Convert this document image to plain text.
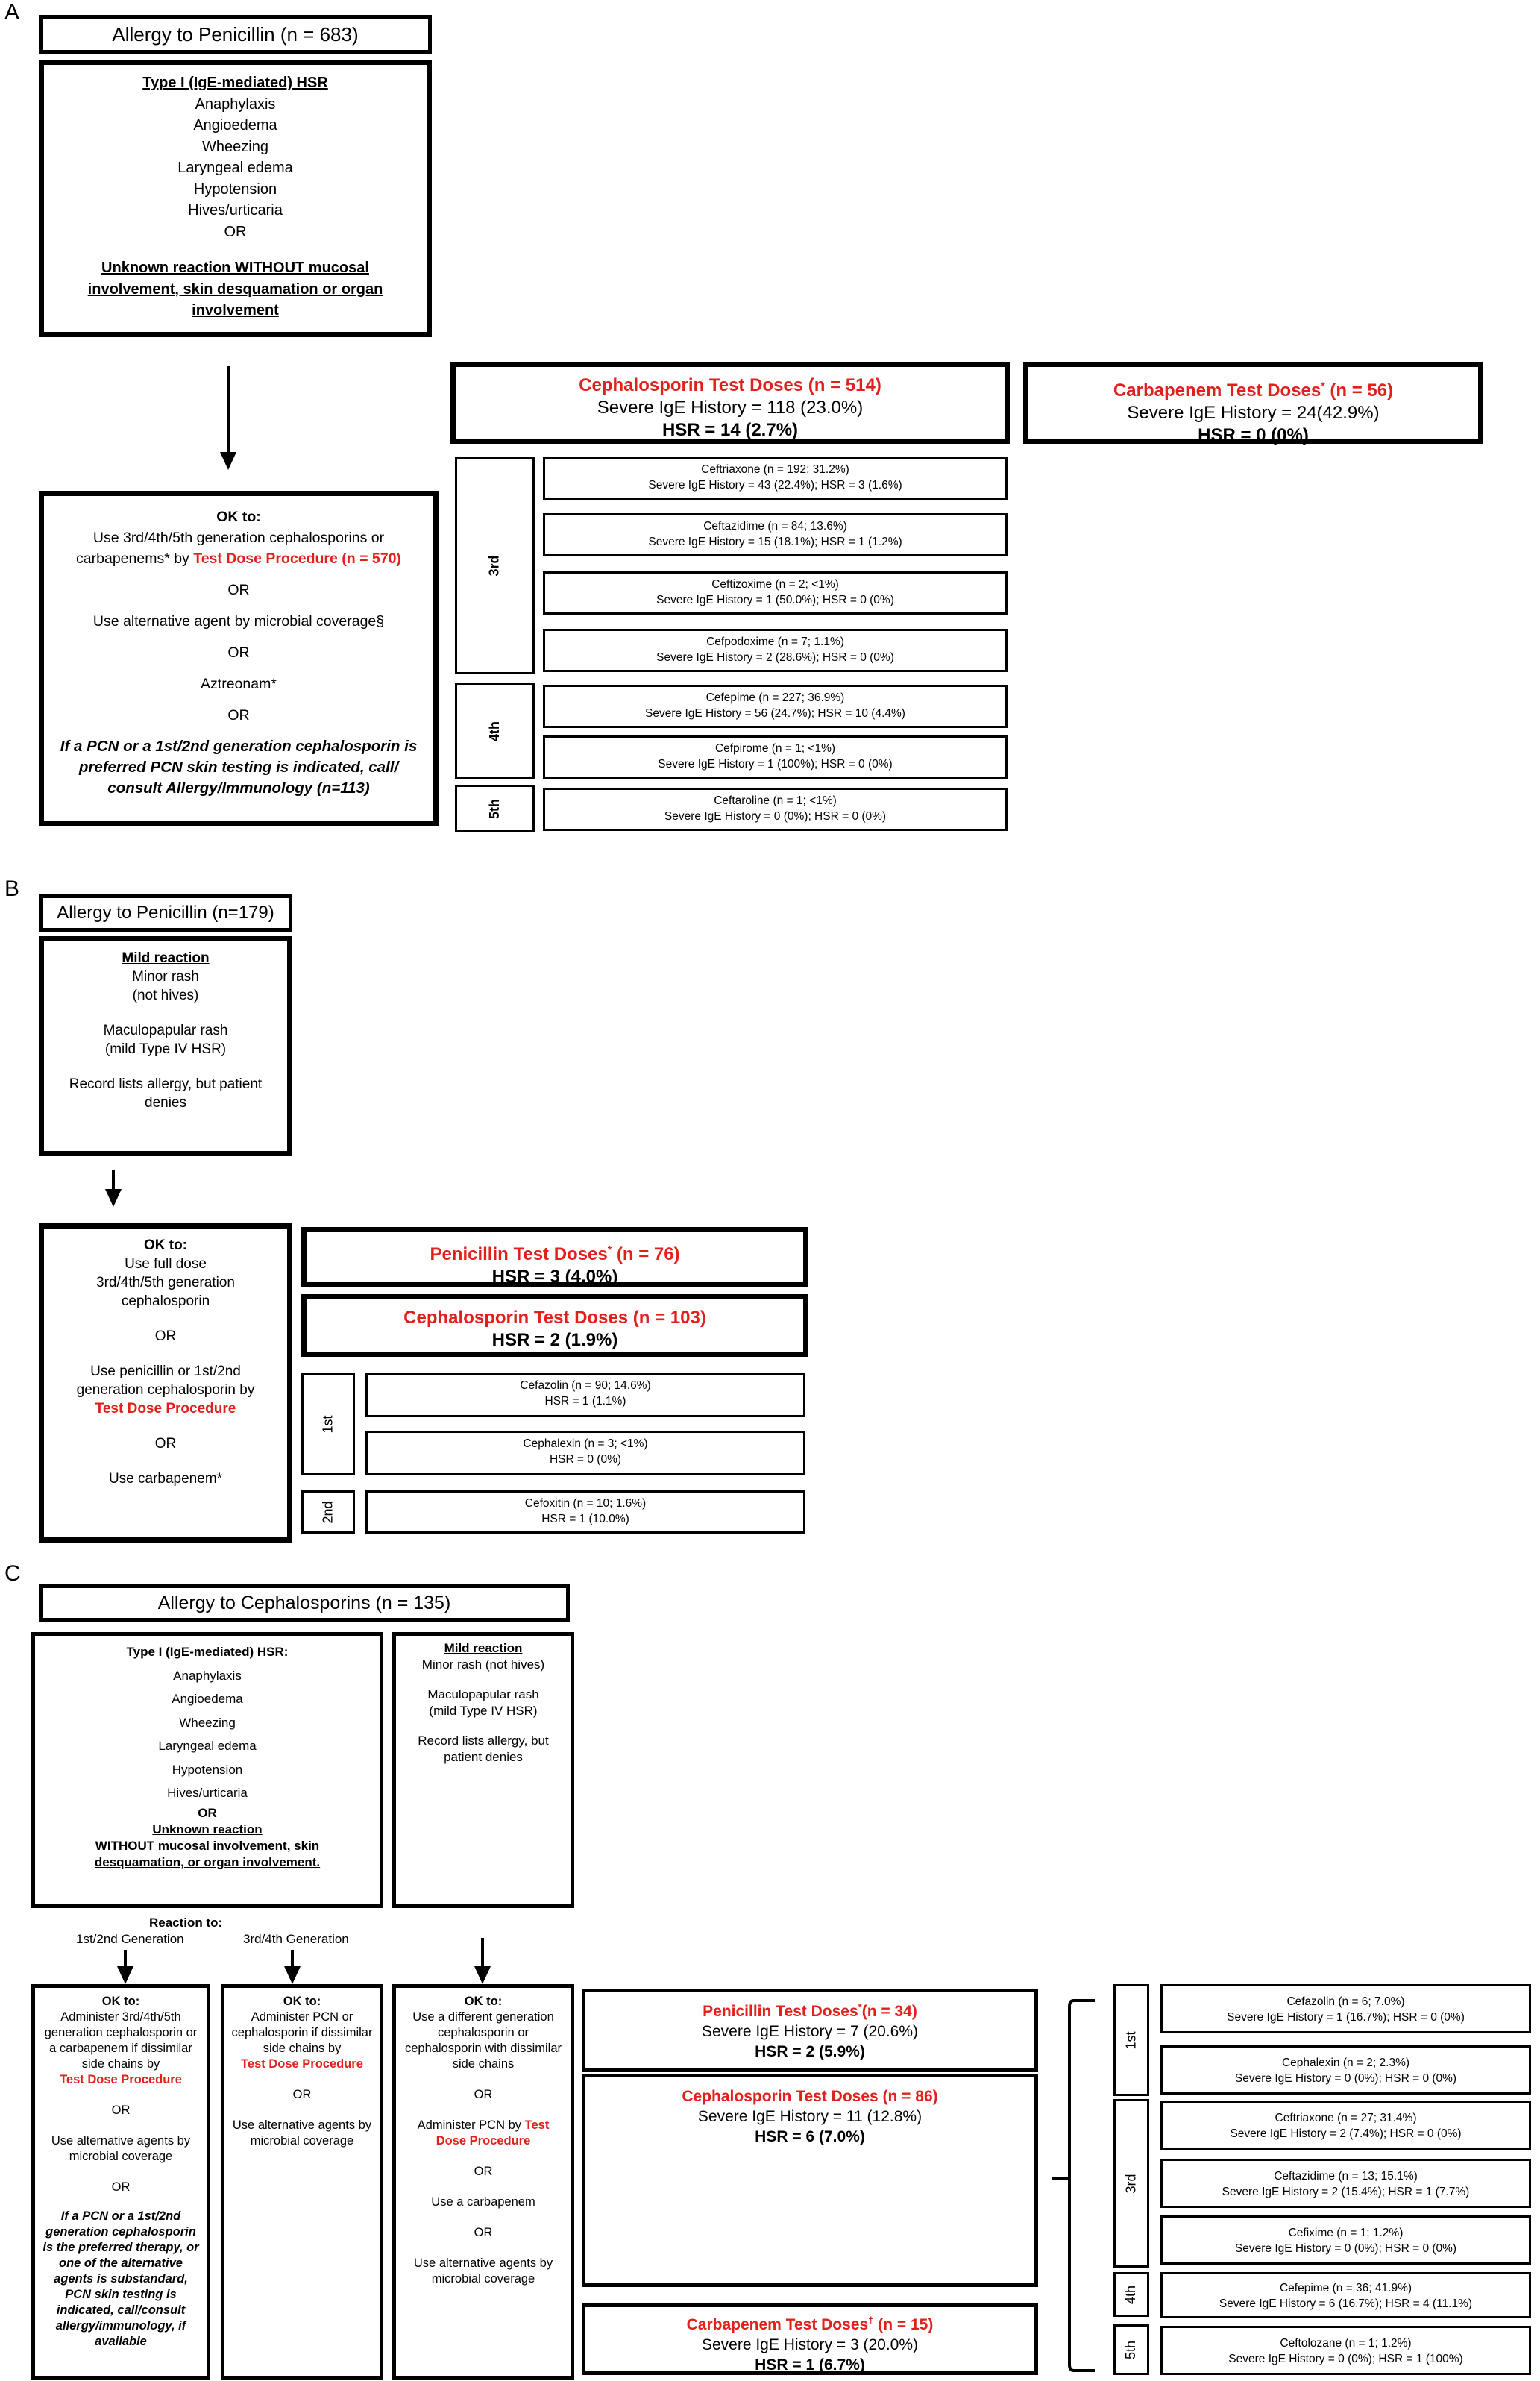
A
Allergy to Penicillin (n = 683)
Type I (IgE-mediated) HSR
Anaphylaxis
Angioedema
Wheezing
Laryngeal edema
Hypotension
Hives/urticaria
OR
Unknown reaction WITHOUT mucosal involvement, skin desquamation or organ involvement
OK to:
Use 3rd/4th/5th generation cephalosporins or carbapenems* by Test Dose Procedure (n = 570)
OR
Use alternative agent by microbial coverage§
OR
Aztreonam*
OR
If a PCN or a 1st/2nd generation cephalosporin is preferred PCN skin testing is indicated, call/ consult Allergy/Immunology (n=113)
Cephalosporin Test Doses (n = 514)
Severe IgE History = 118 (23.0%)
HSR = 14 (2.7%)
Carbapenem Test Doses* (n = 56)
Severe IgE History = 24(42.9%)
HSR = 0 (0%)
3rd
4th
5th
Ceftriaxone (n = 192; 31.2%)
Severe IgE History = 43 (22.4%); HSR = 3 (1.6%)
Ceftazidime (n = 84; 13.6%)
Severe IgE History = 15 (18.1%); HSR = 1 (1.2%)
Ceftizoxime (n = 2; <1%)
Severe IgE History = 1 (50.0%); HSR = 0 (0%)
Cefpodoxime (n = 7; 1.1%)
Severe IgE History = 2 (28.6%); HSR = 0 (0%)
Cefepime (n = 227; 36.9%)
Severe IgE History = 56 (24.7%); HSR = 10 (4.4%)
Cefpirome (n = 1; <1%)
Severe IgE History = 1 (100%); HSR = 0 (0%)
Ceftaroline (n = 1; <1%)
Severe IgE History = 0 (0%); HSR = 0 (0%)
B
Allergy to Penicillin (n=179)
Mild reaction
Minor rash
(not hives)
Maculopapular rash
(mild Type IV HSR)
Record lists allergy, but patient
denies
OK to:
Use full dose
3rd/4th/5th generation
cephalosporin
OR
Use penicillin or 1st/2nd
generation cephalosporin by
Test Dose Procedure
OR
Use carbapenem*
Penicillin Test Doses* (n = 76)
HSR = 3 (4.0%)
Cephalosporin Test Doses (n = 103)
HSR = 2 (1.9%)
1st
2nd
Cefazolin (n = 90; 14.6%)
HSR = 1 (1.1%)
Cephalexin (n = 3; <1%)
HSR = 0 (0%)
Cefoxitin (n = 10; 1.6%)
HSR = 1 (10.0%)
C
Allergy to Cephalosporins (n = 135)
Type I (IgE-mediated) HSR:
Anaphylaxis
Angioedema
Wheezing
Laryngeal edema
Hypotension
Hives/urticaria
OR
Unknown reaction
WITHOUT mucosal involvement, skin
desquamation, or organ involvement.
Mild reaction
Minor rash (not hives)
Maculopapular rash
(mild Type IV HSR)
Record lists allergy, but
patient denies
Reaction to:
1st/2nd Generation	3rd/4th Generation
OK to:
Administer 3rd/4th/5th generation cephalosporin or a carbapenem if dissimilar side chains by
Test Dose Procedure
OR
Use alternative agents by microbial coverage
OR
If a PCN or a 1st/2nd generation cephalosporin is the preferred therapy, or one of the alternative agents is substandard, PCN skin testing is indicated, call/consult allergy/immunology, if available
OK to:
Administer PCN or cephalosporin if dissimilar side chains by
Test Dose Procedure
OR
Use alternative agents by microbial coverage
OK to:
Use a different generation cephalosporin or cephalosporin with dissimilar side chains
OR
Administer PCN by Test Dose Procedure
OR
Use a carbapenem
OR
Use alternative agents by microbial coverage
Penicillin Test Doses*(n = 34)
Severe IgE History = 7 (20.6%)
HSR = 2 (5.9%)
Cephalosporin Test Doses (n = 86)
Severe IgE History = 11 (12.8%)
HSR = 6 (7.0%)
Carbapenem Test Doses† (n = 15)
Severe IgE History = 3 (20.0%)
HSR = 1 (6.7%)
1st
3rd
4th
5th
Cefazolin (n = 6; 7.0%)
Severe IgE History = 1 (16.7%); HSR = 0 (0%)
Cephalexin (n = 2; 2.3%)
Severe IgE History = 0 (0%); HSR = 0 (0%)
Ceftriaxone (n = 27; 31.4%)
Severe IgE History = 2 (7.4%); HSR = 0 (0%)
Ceftazidime (n = 13; 15.1%)
Severe IgE History = 2 (15.4%); HSR = 1 (7.7%)
Cefixime (n = 1; 1.2%)
Severe IgE History = 0 (0%); HSR = 0 (0%)
Cefepime (n = 36; 41.9%)
Severe IgE History = 6 (16.7%); HSR = 4 (11.1%)
Ceftolozane (n = 1; 1.2%)
Severe IgE History = 0 (0%); HSR = 1 (100%)
